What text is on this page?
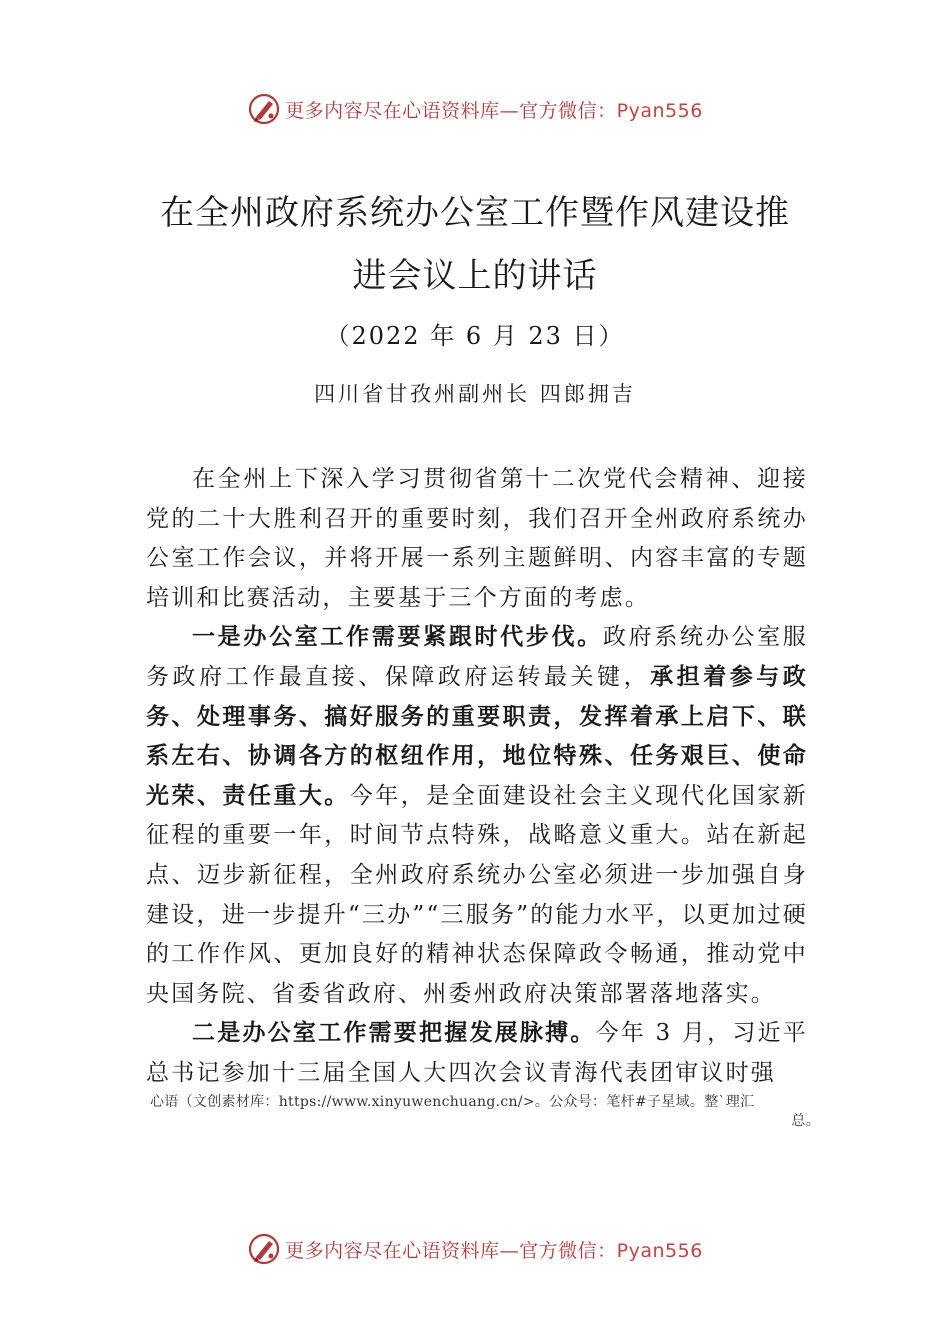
更多内容尽在心语资料库—官方微信：Pyan556
在全州政府系统办公室工作暨作风建设推
进会议上的讲话
（2022 年 6 月 23 日）
四川省甘孜州副州长 四郎拥吉

在全州上下深入学习贯彻省第十二次党代会精神、迎接党的二十大胜利召开的重要时刻，我们召开全州政府系统办公室工作会议，并将开展一系列主题鲜明、内容丰富的专题培训和比赛活动，主要基于三个方面的考虑。

一是办公室工作需要紧跟时代步伐。政府系统办公室服务政府工作最直接、保障政府运转最关键，承担着参与政务、处理事务、搞好服务的重要职责，发挥着承上启下、联系左右、协调各方的枢纽作用，地位特殊、任务艰巨、使命光荣、责任重大。今年，是全面建设社会主义现代化国家新征程的重要一年，时间节点特殊，战略意义重大。站在新起点、迈步新征程，全州政府系统办公室必须进一步加强自身建设，进一步提升“三办”“三服务”的能力水平，以更加过硬的工作作风、更加良好的精神状态保障政令畅通，推动党中央国务院、省委省政府、州委州政府决策部署落地落实。

二是办公室工作需要把握发展脉搏。今年 3 月，习近平总书记参加十三届全国人大四次会议青海代表团审议时强

心语（文创素材库：https://www.xinyuwenchuang.cn/>。公众号：笔杆#子星域。整`理汇
总。
更多内容尽在心语资料库—官方微信：Pyan556
